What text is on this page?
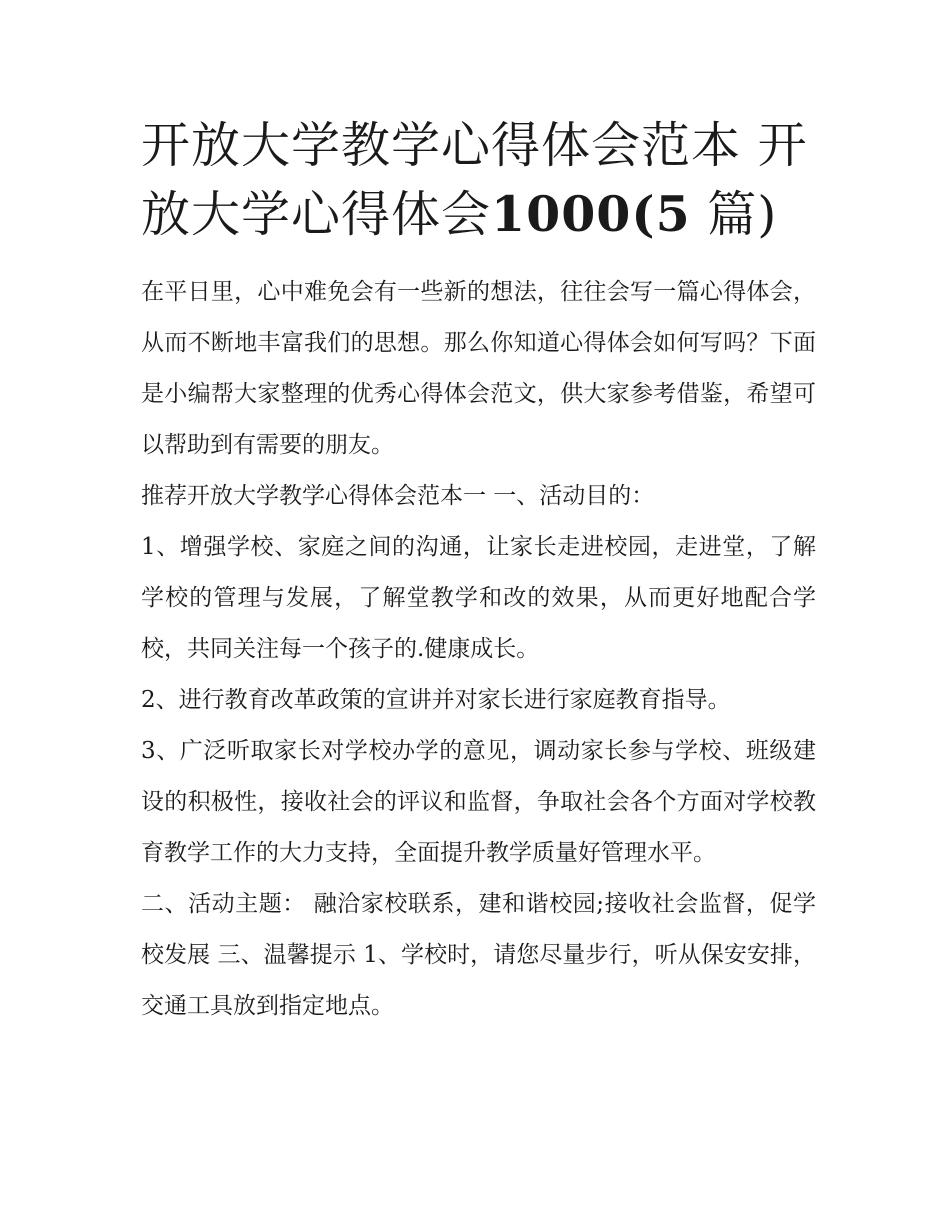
开放大学教学心得体会范本 开放大学心得体会1000(5 篇)

在平日里，心中难免会有一些新的想法，往往会写一篇心得体会，从而不断地丰富我们的思想。那么你知道心得体会如何写吗？下面是小编帮大家整理的优秀心得体会范文，供大家参考借鉴，希望可以帮助到有需要的朋友。

推荐开放大学教学心得体会范本一 一、活动目的：

1、增强学校、家庭之间的沟通，让家长走进校园，走进堂，了解学校的管理与发展，了解堂教学和改的效果，从而更好地配合学校，共同关注每一个孩子的.健康成长。

2、进行教育改革政策的宣讲并对家长进行家庭教育指导。

3、广泛听取家长对学校办学的意见，调动家长参与学校、班级建设的积极性，接收社会的评议和监督，争取社会各个方面对学校教育教学工作的大力支持，全面提升教学质量好管理水平。

二、活动主题： 融洽家校联系，建和谐校园;接收社会监督，促学校发展 三、温馨提示 1、学校时，请您尽量步行，听从保安安排，交通工具放到指定地点。
